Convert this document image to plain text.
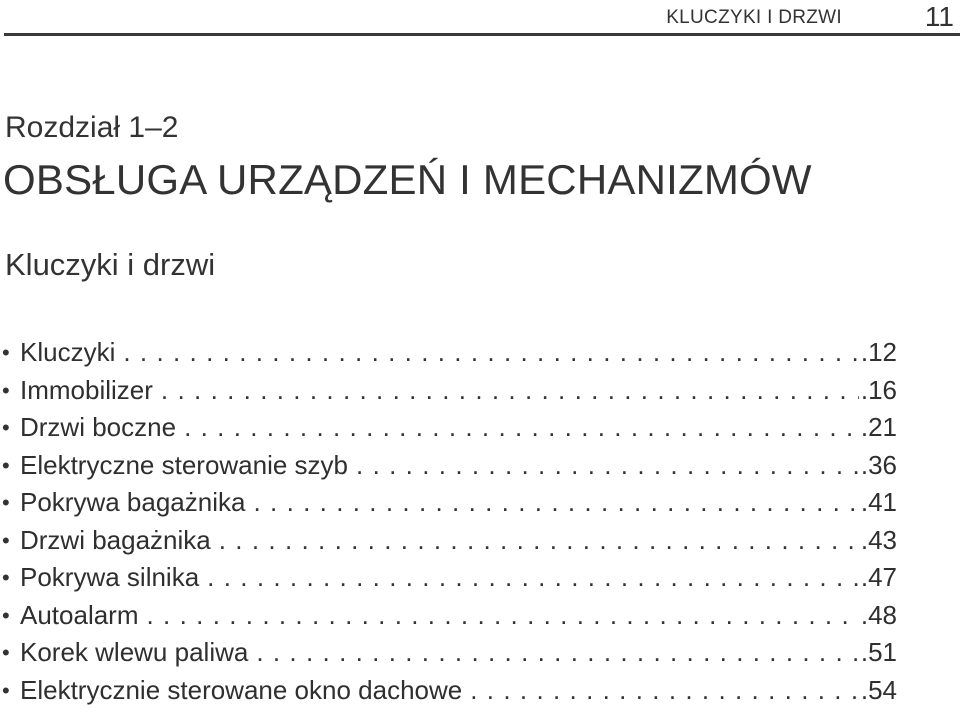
KLUCZYKI I DRZWI	11
Rozdział 1–2
OBSŁUGA URZĄDZEŃ I MECHANIZMÓW
Kluczyki i drzwi
• Kluczyki . . .	.12
• Immobilizer . . .	.16
• Drzwi boczne . . .	.21
• Elektryczne sterowanie szyb . . .	.36
• Pokrywa bagażnika . . .	.41
• Drzwi bagażnika . . .	.43
• Pokrywa silnika . . .	.47
• Autoalarm . . .	.48
• Korek wlewu paliwa . . .	.51
• Elektrycznie sterowane okno dachowe . . .	.54
